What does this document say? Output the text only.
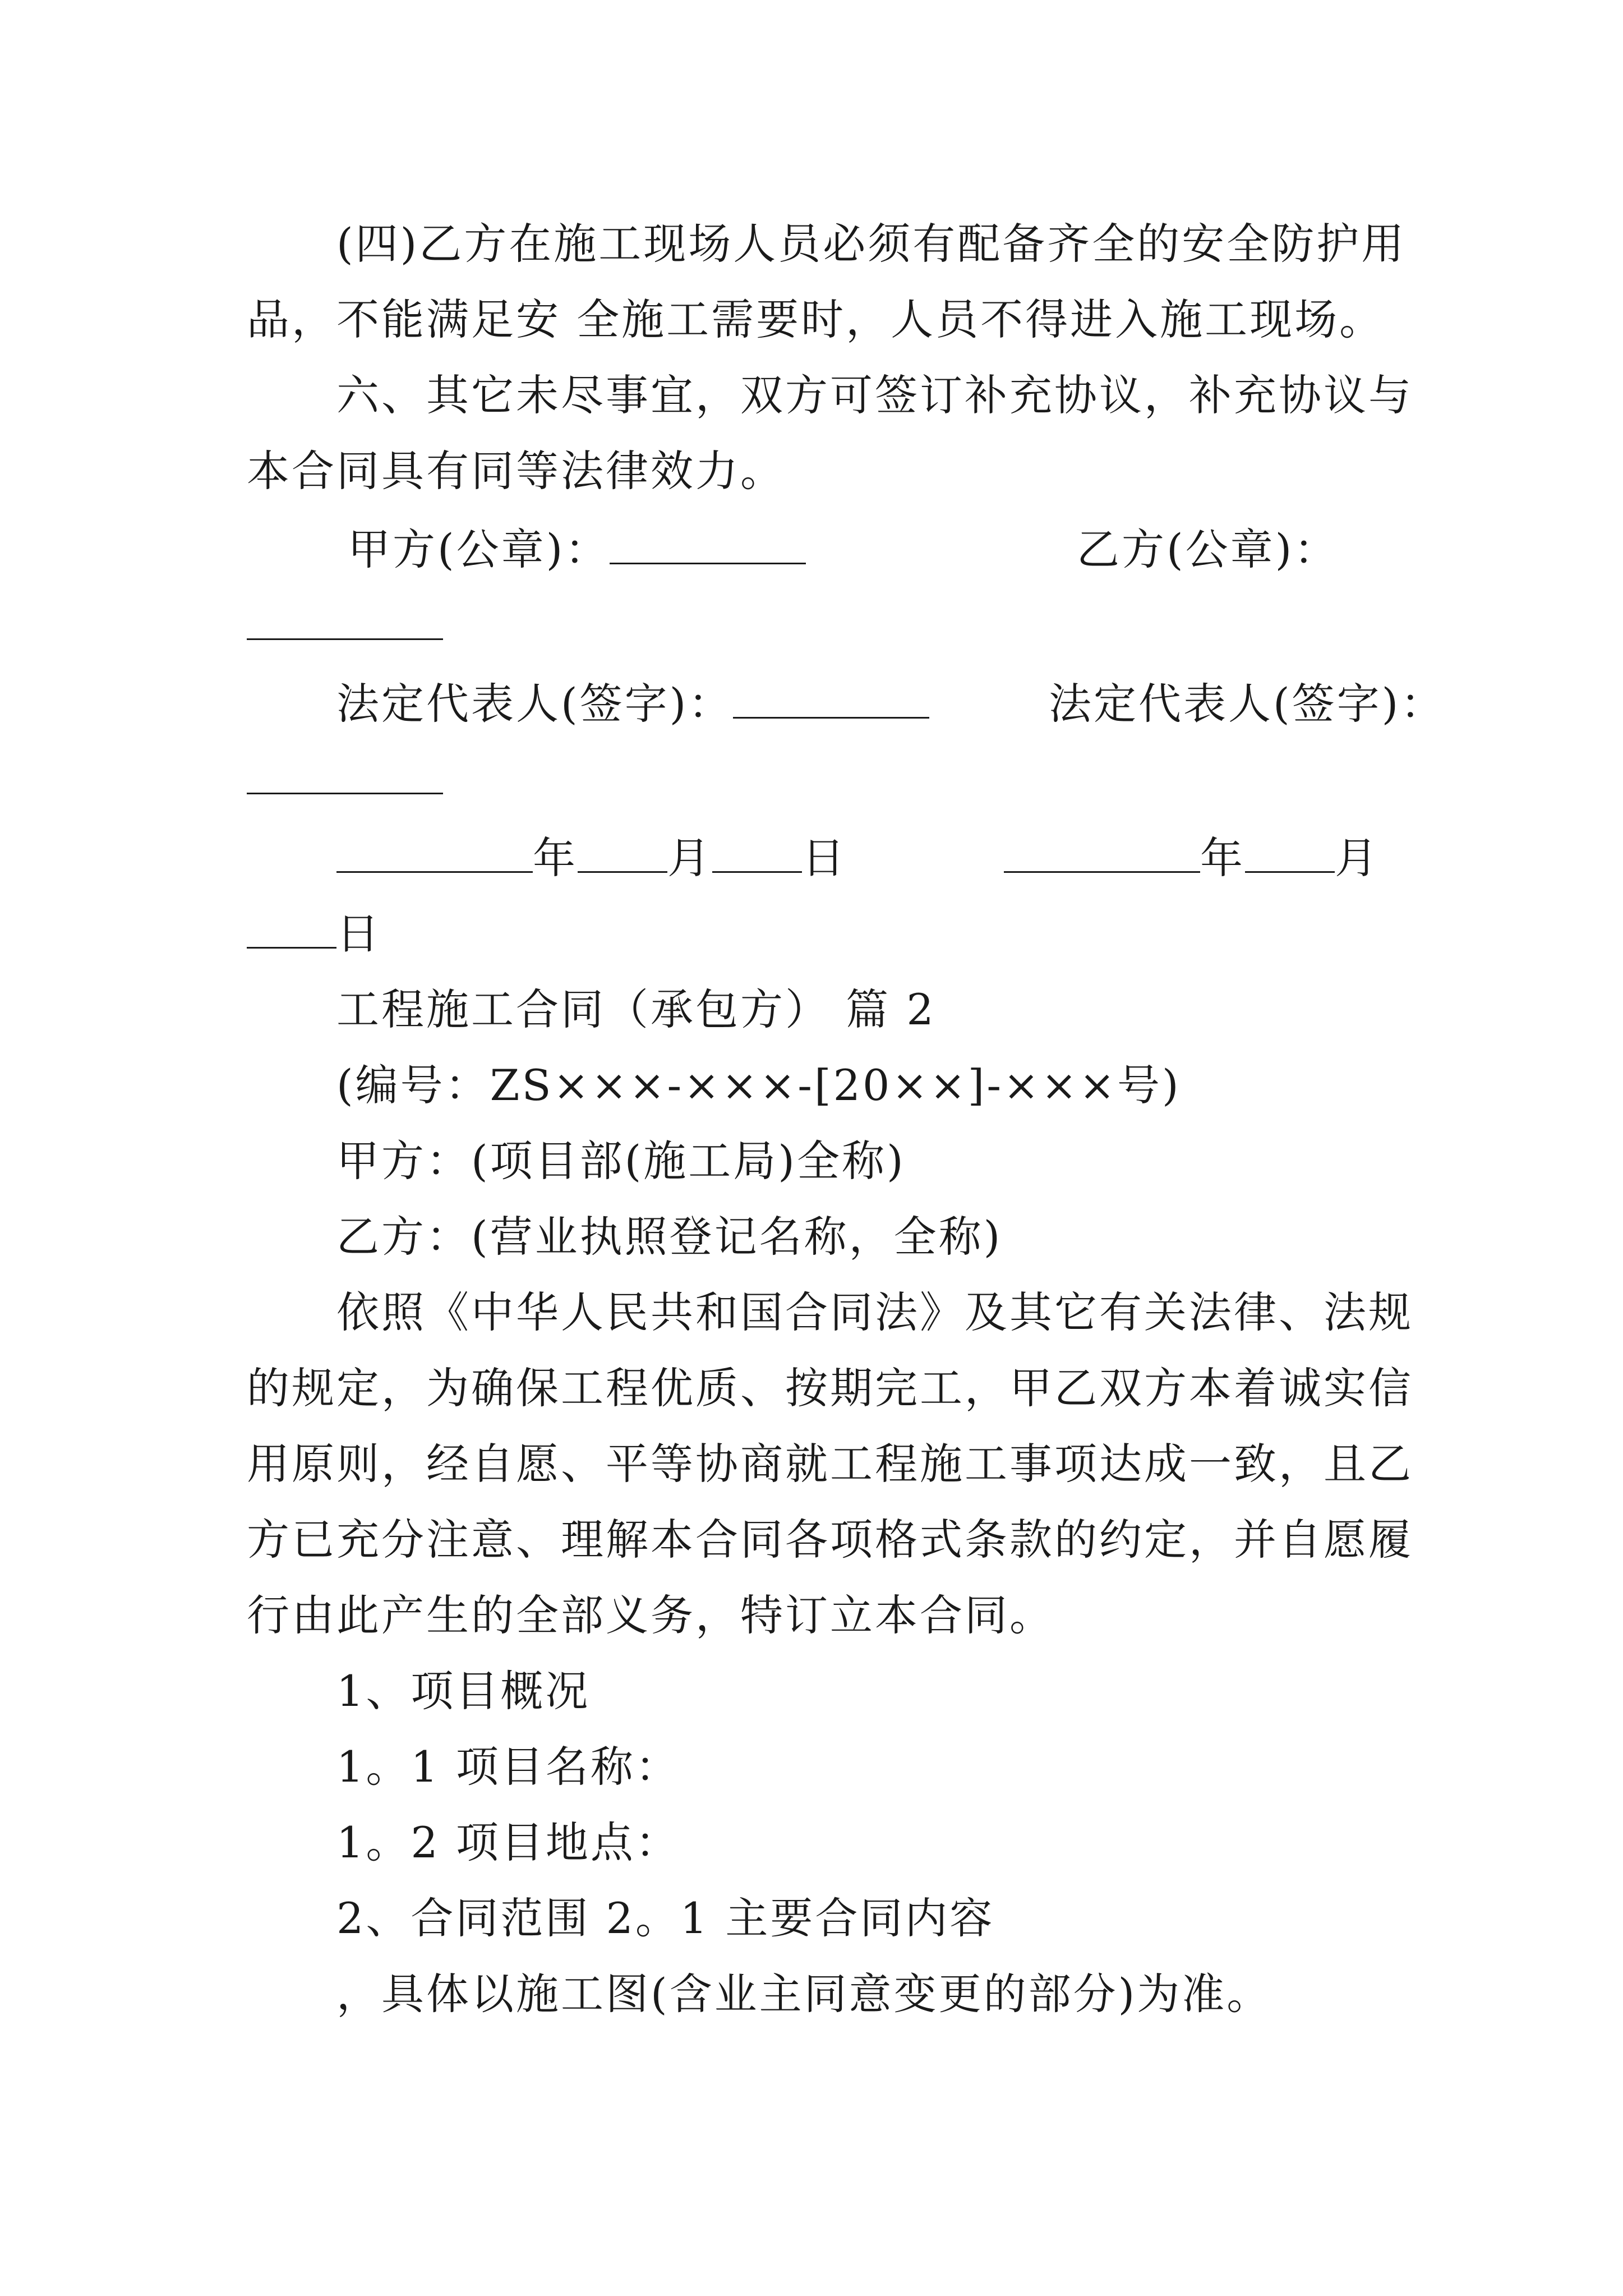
(四)乙方在施工现场人员必须有配备齐全的安全防护用
品，不能满足安 全施工需要时，人员不得进入施工现场。
六、其它未尽事宜，双方可签订补充协议，补充协议与
本合同具有同等法律效力。
甲方(公章)：	乙方(公章)：
法定代表人(签字)：	法定代表人(签字)：
年 月 日	年 月
日
工程施工合同（承包方） 篇 2
(编号：ZS×××-×××-[20××]-×××号)
甲方：(项目部(施工局)全称)
乙方：(营业执照登记名称，全称)
依照《中华人民共和国合同法》及其它有关法律、法规
的规定，为确保工程优质、按期完工，甲乙双方本着诚实信
用原则，经自愿、平等协商就工程施工事项达成一致，且乙
方已充分注意、理解本合同各项格式条款的约定，并自愿履
行由此产生的全部义务，特订立本合同。
1、项目概况
1。1 项目名称：
1。2 项目地点：
2、合同范围 2。1 主要合同内容
，具体以施工图(含业主同意变更的部分)为准。
